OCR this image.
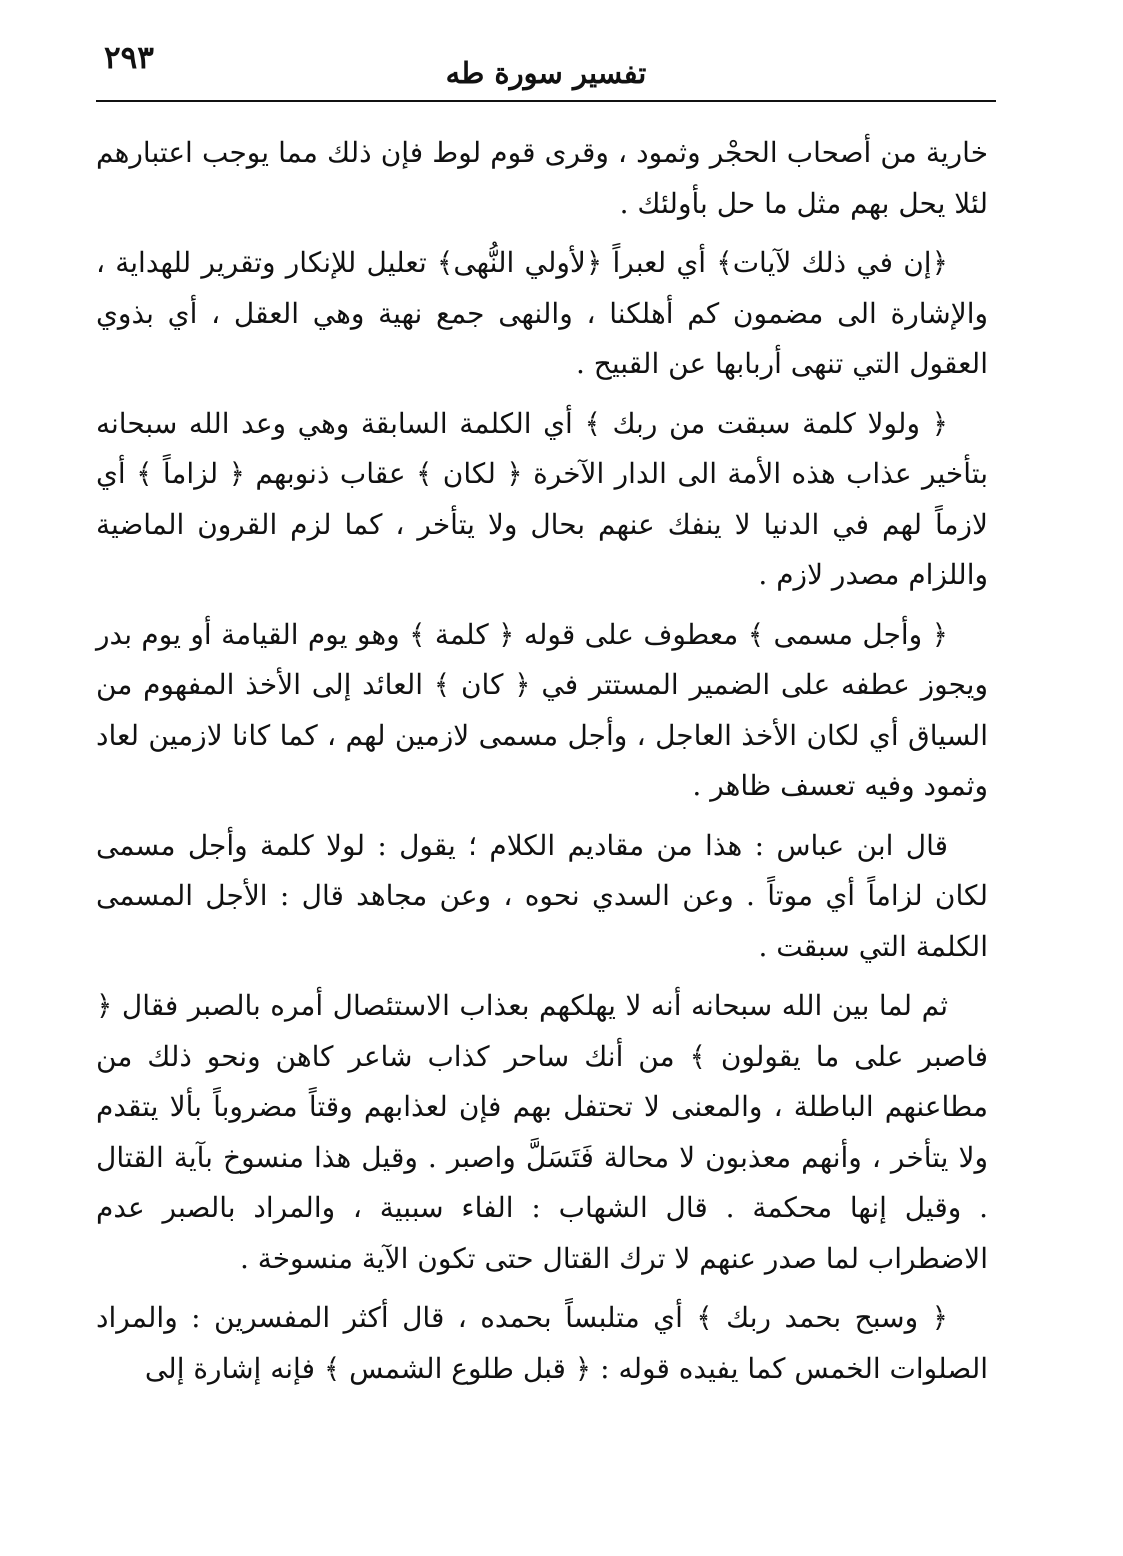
٢٩٣	تفسير سورة طه

خارية من أصحاب الحجْر وثمود ، وقرى قوم لوط فإن ذلك مما يوجب اعتبارهم لئلا يحل بهم مثل ما حل بأولئك .

﴿إن في ذلك لآيات﴾ أي لعبراً ﴿لأولي النُّهى﴾ تعليل للإنكار وتقرير للهداية ، والإشارة الى مضمون كم أهلكنا ، والنهى جمع نهية وهي العقل ، أي بذوي العقول التي تنهى أربابها عن القبيح .

﴿ ولولا كلمة سبقت من ربك ﴾ أي الكلمة السابقة وهي وعد الله سبحانه بتأخير عذاب هذه الأمة الى الدار الآخرة ﴿ لكان ﴾ عقاب ذنوبهم ﴿ لزاماً ﴾ أي لازماً لهم في الدنيا لا ينفك عنهم بحال ولا يتأخر ، كما لزم القرون الماضية واللزام مصدر لازم .

﴿ وأجل مسمى ﴾ معطوف على قوله ﴿ كلمة ﴾ وهو يوم القيامة أو يوم بدر ويجوز عطفه على الضمير المستتر في ﴿ كان ﴾ العائد إلى الأخذ المفهوم من السياق أي لكان الأخذ العاجل ، وأجل مسمى لازمين لهم ، كما كانا لازمين لعاد وثمود وفيه تعسف ظاهر .

قال ابن عباس : هذا من مقاديم الكلام ؛ يقول : لولا كلمة وأجل مسمى لكان لزاماً أي موتاً . وعن السدي نحوه ، وعن مجاهد قال : الأجل المسمى الكلمة التي سبقت .

ثم لما بين الله سبحانه أنه لا يهلكهم بعذاب الاستئصال أمره بالصبر فقال ﴿ فاصبر على ما يقولون ﴾ من أنك ساحر كذاب شاعر كاهن ونحو ذلك من مطاعنهم الباطلة ، والمعنى لا تحتفل بهم فإن لعذابهم وقتاً مضروباً بألا يتقدم ولا يتأخر ، وأنهم معذبون لا محالة فَتَسَلَّ واصبر . وقيل هذا منسوخ بآية القتال . وقيل إنها محكمة . قال الشهاب : الفاء سببية ، والمراد بالصبر عدم الاضطراب لما صدر عنهم لا ترك القتال حتى تكون الآية منسوخة .

﴿ وسبح بحمد ربك ﴾ أي متلبساً بحمده ، قال أكثر المفسرين : والمراد الصلوات الخمس كما يفيده قوله : ﴿ قبل طلوع الشمس ﴾ فإنه إشارة إلى
